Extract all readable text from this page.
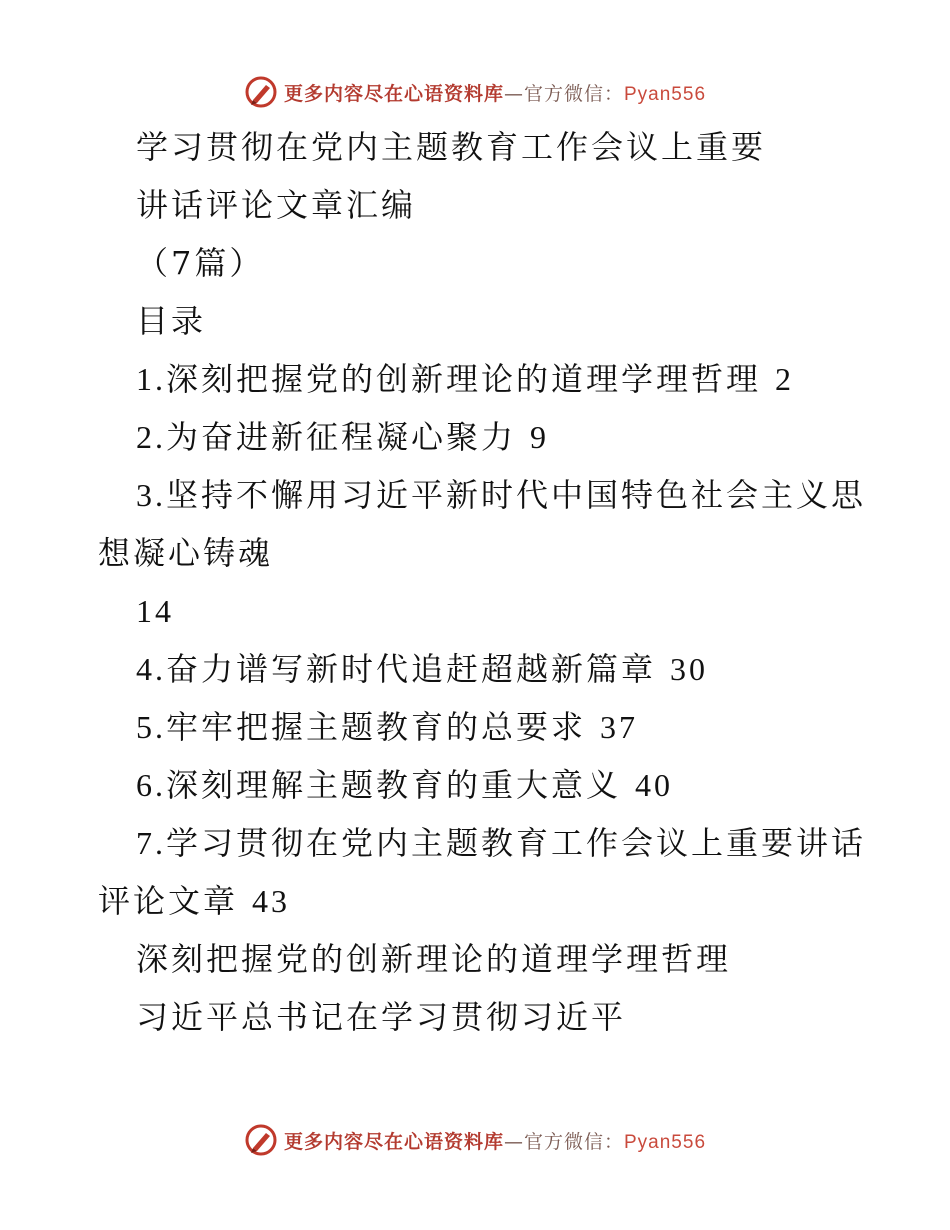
更多内容尽在心语资料库—官方微信：Pyan556
学习贯彻在党内主题教育工作会议上重要
讲话评论文章汇编
（7篇）
目录
1.深刻把握党的创新理论的道理学理哲理 2
2.为奋进新征程凝心聚力 9
3.坚持不懈用习近平新时代中国特色社会主义思想凝心铸魂
14
4.奋力谱写新时代追赶超越新篇章 30
5.牢牢把握主题教育的总要求 37
6.深刻理解主题教育的重大意义 40
7.学习贯彻在党内主题教育工作会议上重要讲话评论文章 43
深刻把握党的创新理论的道理学理哲理
习近平总书记在学习贯彻习近平
更多内容尽在心语资料库—官方微信：Pyan556
